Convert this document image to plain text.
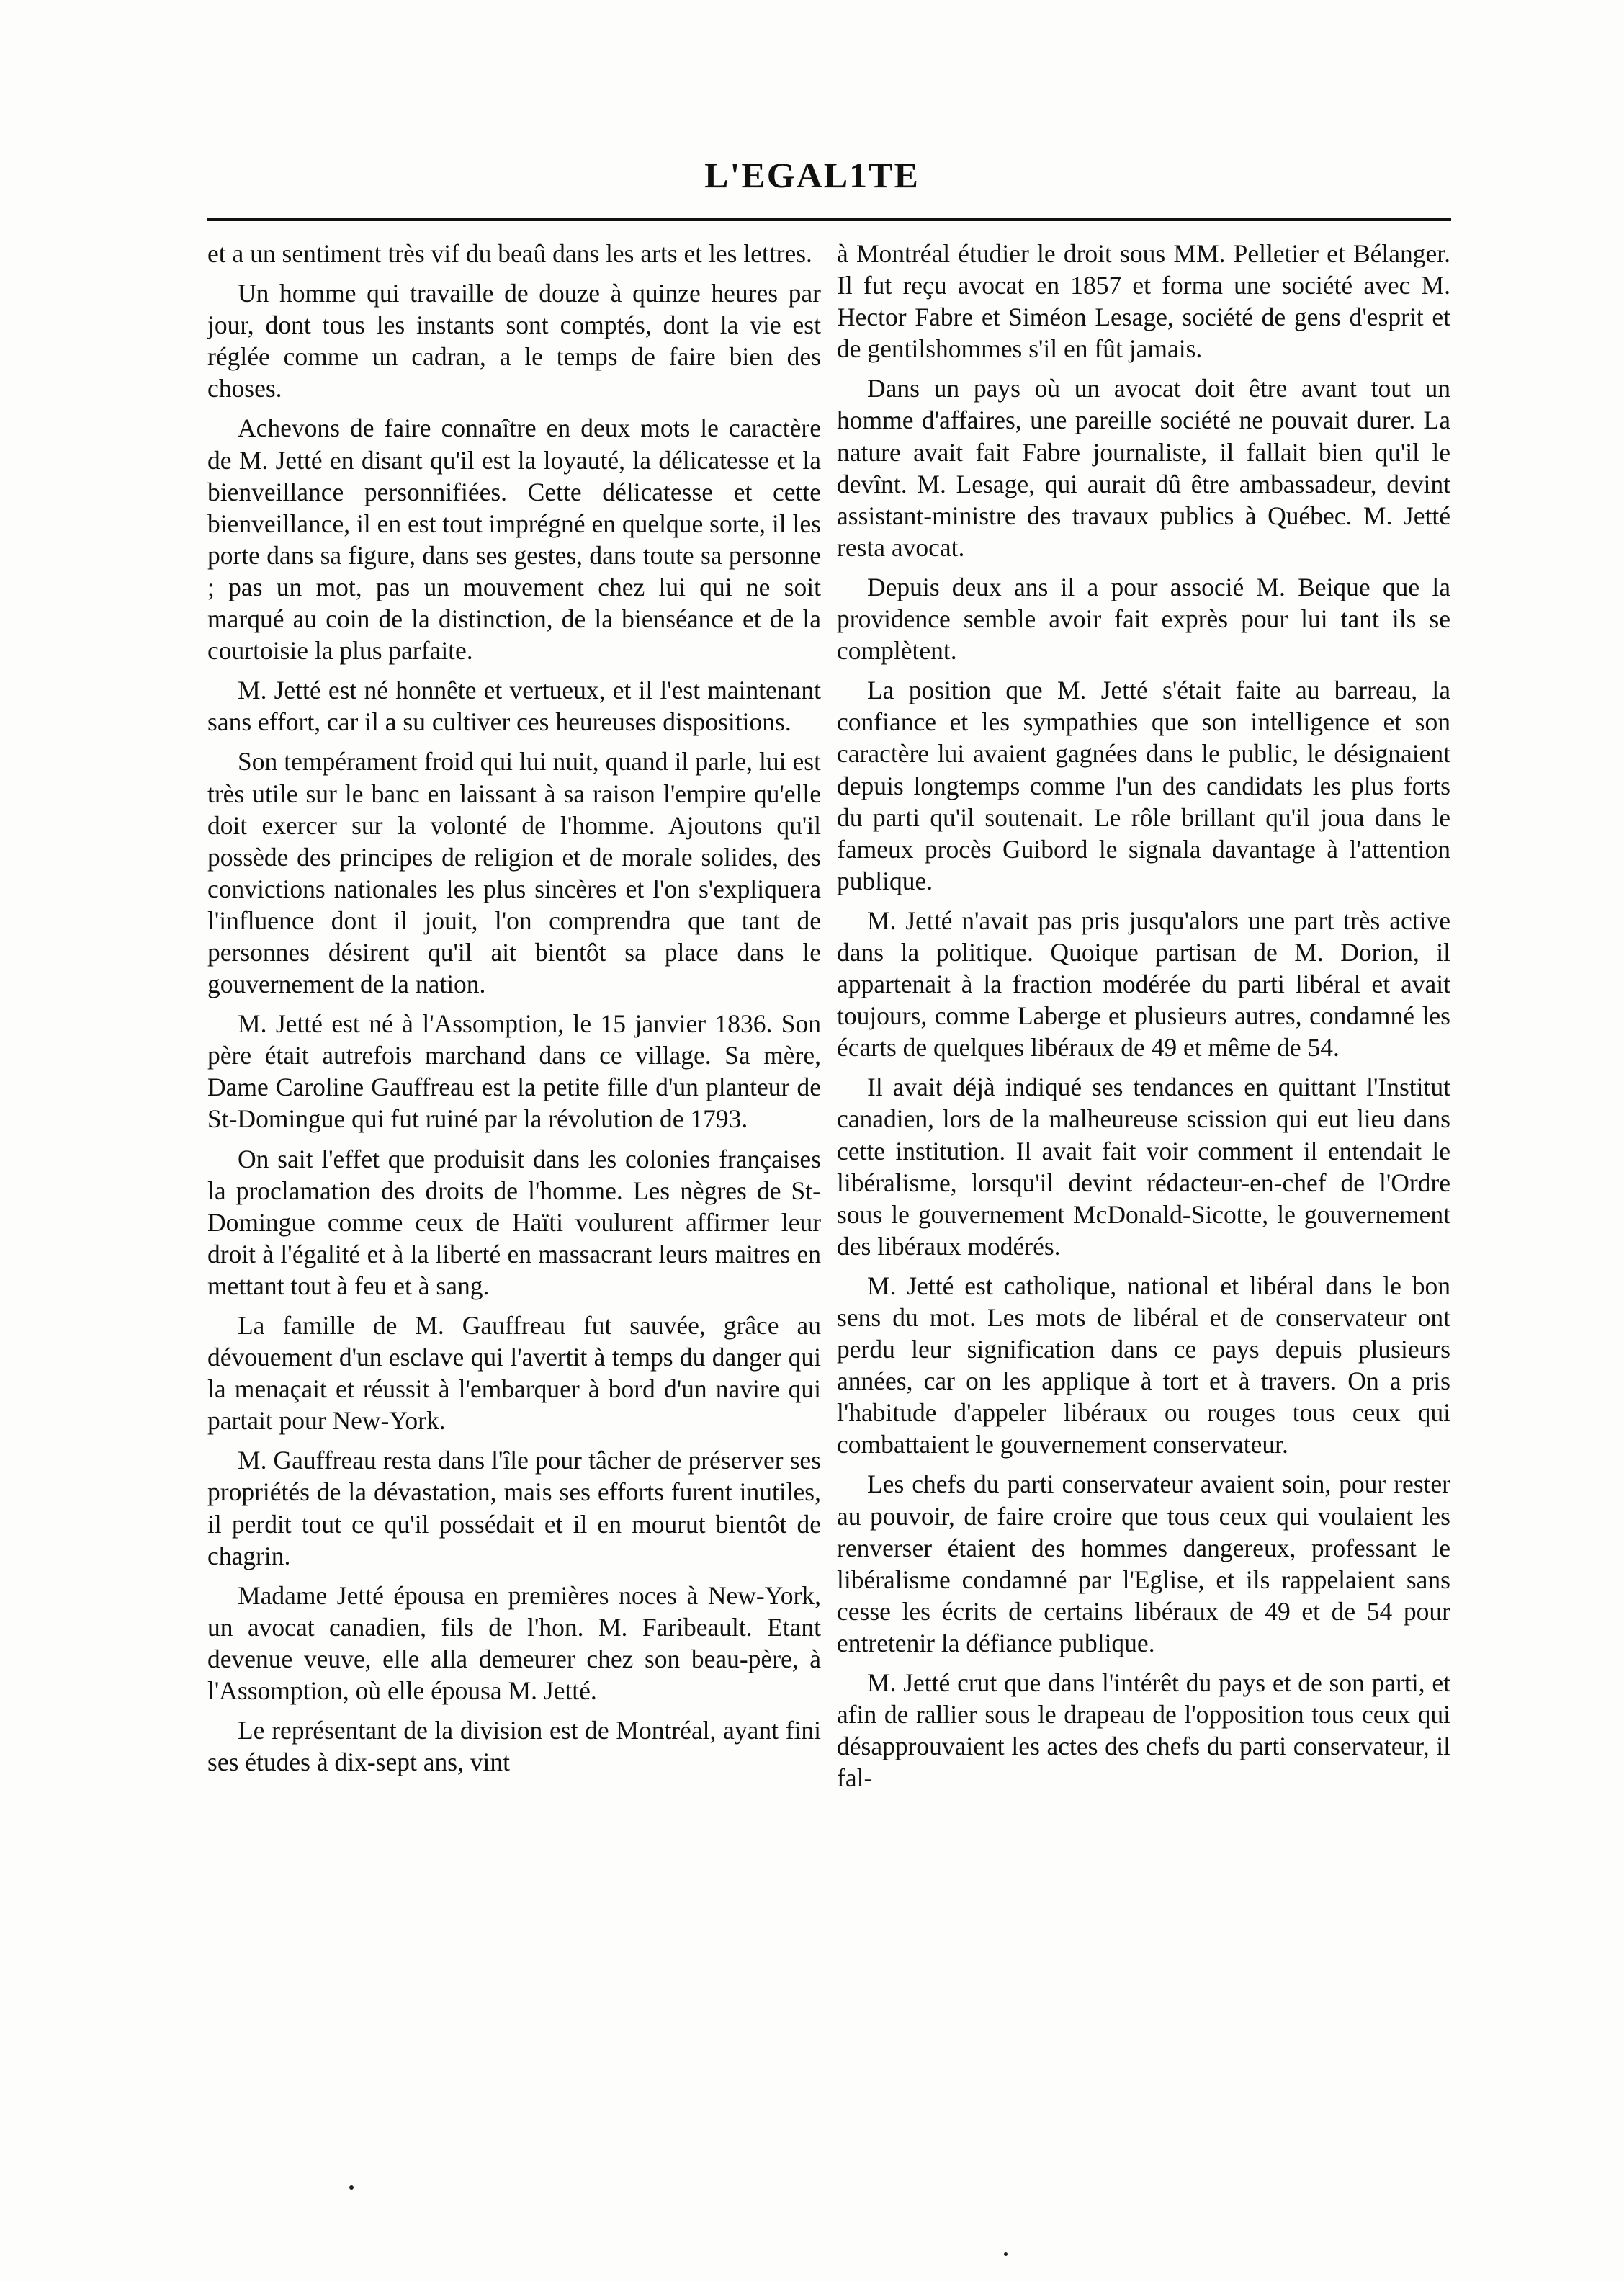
L'EGAL1TE

et a un sentiment très vif du beaû dans les arts et les lettres.

Un homme qui travaille de douze à quinze heures par jour, dont tous les instants sont comptés, dont la vie est réglée comme un cadran, a le temps de faire bien des choses.

Achevons de faire connaître en deux mots le caractère de M. Jetté en disant qu'il est la loyauté, la délicatesse et la bienveillance personnifiées. Cette délicatesse et cette bienveillance, il en est tout imprégné en quelque sorte, il les porte dans sa figure, dans ses gestes, dans toute sa personne ; pas un mot, pas un mouvement chez lui qui ne soit marqué au coin de la distinction, de la bienséance et de la courtoisie la plus parfaite.

M. Jetté est né honnête et vertueux, et il l'est maintenant sans effort, car il a su cultiver ces heureuses dispositions.

Son tempérament froid qui lui nuit, quand il parle, lui est très utile sur le banc en laissant à sa raison l'empire qu'elle doit exercer sur la volonté de l'homme. Ajoutons qu'il possède des principes de religion et de morale solides, des convictions nationales les plus sincères et l'on s'expliquera l'influence dont il jouit, l'on comprendra que tant de personnes désirent qu'il ait bientôt sa place dans le gouvernement de la nation.

M. Jetté est né à l'Assomption, le 15 janvier 1836. Son père était autrefois marchand dans ce village. Sa mère, Dame Caroline Gauffreau est la petite fille d'un planteur de St-Domingue qui fut ruiné par la révolution de 1793.

On sait l'effet que produisit dans les colonies françaises la proclamation des droits de l'homme. Les nègres de St-Domingue comme ceux de Haïti voulurent affirmer leur droit à l'égalité et à la liberté en massacrant leurs maitres en mettant tout à feu et à sang.

La famille de M. Gauffreau fut sauvée, grâce au dévouement d'un esclave qui l'avertit à temps du danger qui la menaçait et réussit à l'embarquer à bord d'un navire qui partait pour New-York.

M. Gauffreau resta dans l'île pour tâcher de préserver ses propriétés de la dévastation, mais ses efforts furent inutiles, il perdit tout ce qu'il possédait et il en mourut bientôt de chagrin.

Madame Jetté épousa en premières noces à New-York, un avocat canadien, fils de l'hon. M. Faribeault. Etant devenue veuve, elle alla demeurer chez son beau-père, à l'Assomption, où elle épousa M. Jetté.

Le représentant de la division est de Montréal, ayant fini ses études à dix-sept ans, vint

à Montréal étudier le droit sous MM. Pelletier et Bélanger. Il fut reçu avocat en 1857 et forma une société avec M. Hector Fabre et Siméon Lesage, société de gens d'esprit et de gentilshommes s'il en fût jamais.

Dans un pays où un avocat doit être avant tout un homme d'affaires, une pareille société ne pouvait durer. La nature avait fait Fabre journaliste, il fallait bien qu'il le devînt. M. Lesage, qui aurait dû être ambassadeur, devint assistant-ministre des travaux publics à Québec. M. Jetté resta avocat.

Depuis deux ans il a pour associé M. Beique que la providence semble avoir fait exprès pour lui tant ils se complètent.

La position que M. Jetté s'était faite au barreau, la confiance et les sympathies que son intelligence et son caractère lui avaient gagnées dans le public, le désignaient depuis longtemps comme l'un des candidats les plus forts du parti qu'il soutenait. Le rôle brillant qu'il joua dans le fameux procès Guibord le signala davantage à l'attention publique.

M. Jetté n'avait pas pris jusqu'alors une part très active dans la politique. Quoique partisan de M. Dorion, il appartenait à la fraction modérée du parti libéral et avait toujours, comme Laberge et plusieurs autres, condamné les écarts de quelques libéraux de 49 et même de 54.

Il avait déjà indiqué ses tendances en quittant l'Institut canadien, lors de la malheureuse scission qui eut lieu dans cette institution. Il avait fait voir comment il entendait le libéralisme, lorsqu'il devint rédacteur-en-chef de l'Ordre sous le gouvernement McDonald-Sicotte, le gouvernement des libéraux modérés.

M. Jetté est catholique, national et libéral dans le bon sens du mot. Les mots de libéral et de conservateur ont perdu leur signification dans ce pays depuis plusieurs années, car on les applique à tort et à travers. On a pris l'habitude d'appeler libéraux ou rouges tous ceux qui combattaient le gouvernement conservateur.

Les chefs du parti conservateur avaient soin, pour rester au pouvoir, de faire croire que tous ceux qui voulaient les renverser étaient des hommes dangereux, professant le libéralisme condamné par l'Eglise, et ils rappelaient sans cesse les écrits de certains libéraux de 49 et de 54 pour entretenir la défiance publique.

M. Jetté crut que dans l'intérêt du pays et de son parti, et afin de rallier sous le drapeau de l'opposition tous ceux qui désapprouvaient les actes des chefs du parti conservateur, il fal-
